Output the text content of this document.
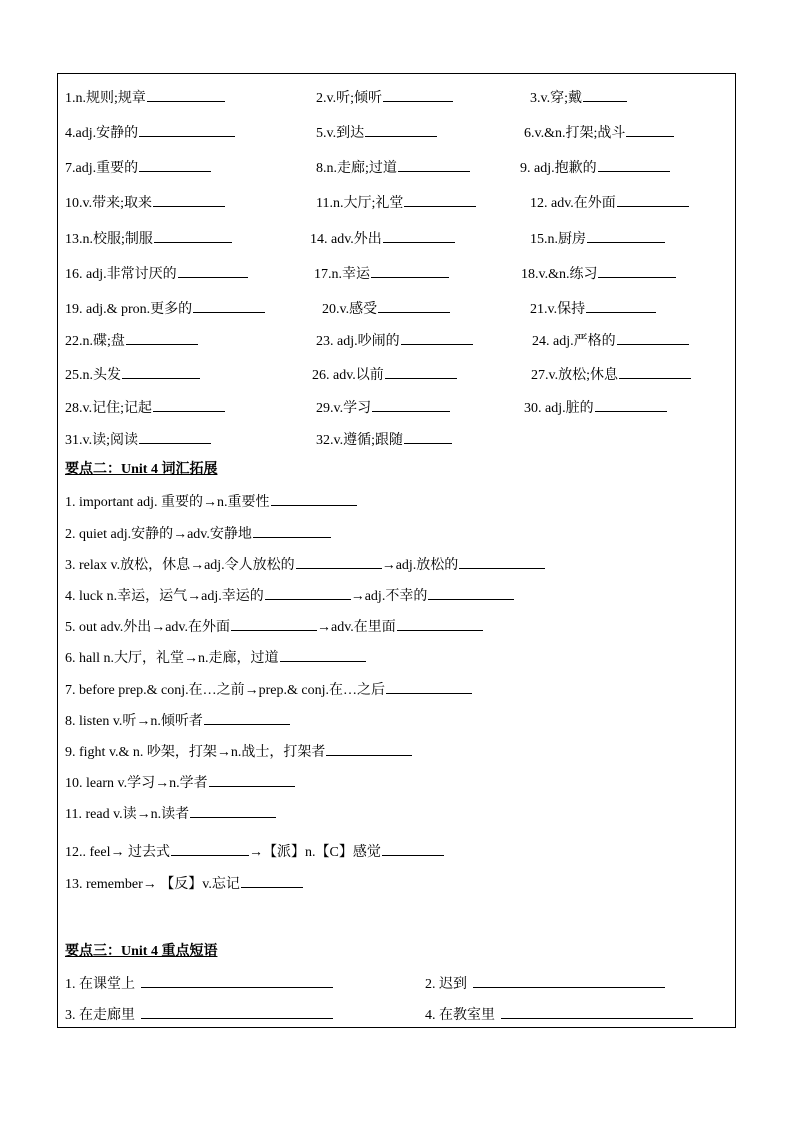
1.n.规则;规章	2.v.听;倾听	3.v.穿;戴
4.adj.安静的	5.v.到达	6.v.&n.打架;战斗
7.adj.重要的	8.n.走廊;过道	9. adj.抱歉的
10.v.带来;取来	11.n.大厅;礼堂	12. adv.在外面
13.n.校服;制服	14. adv.外出	15.n.厨房
16. adj.非常讨厌的	17.n.幸运	18.v.&n.练习
19. adj.& pron.更多的	20.v.感受	21.v.保持
22.n.碟;盘	23. adj.吵闹的	24. adj.严格的
25.n.头发	26. adv.以前	27.v.放松;休息
28.v.记住;记起	29.v.学习	30. adj.脏的
31.v.读;阅读	32.v.遵循;跟随
要点二：Unit 4 词汇拓展
1. important adj. 重要的→n.重要性
2. quiet adj.安静的→adv.安静地
3. relax v.放松，休息→adj.令人放松的	→adj.放松的
4. luck n.幸运，运气→adj.幸运的	→adj.不幸的
5. out adv.外出→adv.在外面	→adv.在里面
6. hall n.大厅，礼堂→n.走廊，过道
7. before prep.& conj.在…之前→prep.& conj.在…之后
8. listen v.听→n.倾听者
9. fight v.& n. 吵架，打架→n.战士，打架者
10. learn v.学习→n.学者
11. read v.读→n.读者
12.. feel→ 过去式	→【派】n.【C】感觉
13. remember→ 【反】v.忘记
要点三：Unit 4 重点短语
1. 在课堂上	2. 迟到
3. 在走廊里	4. 在教室里
